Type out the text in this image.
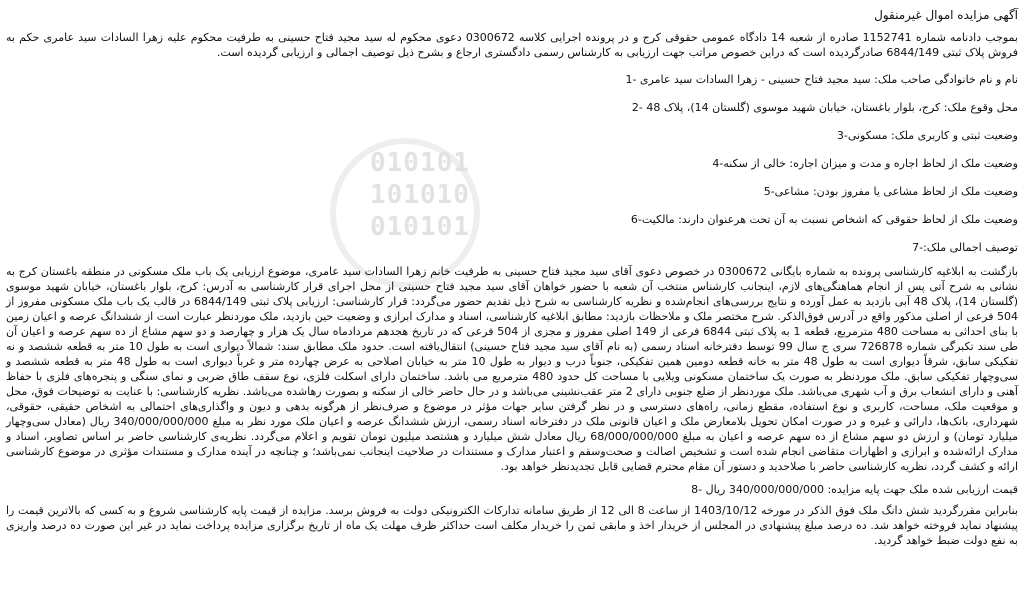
010101
101010
010101
آگهی مزایده اموال غیرمنقول

بموجب دادنامه شماره 1152741 صادره از شعبه 14 دادگاه عمومی حقوقی کرج و در پرونده اجرایی کلاسه 0300672 دعوی محکوم له سید مجید فتاح حسینی به طرفیت محکوم علیه زهرا السادات سید عامری حکم به فروش پلاک ثبتی 6844/149 صادرگردیده است که دراین خصوص مراتب جهت ارزیابی به کارشناس رسمی دادگستری ارجاع و بشرح ذیل توصیف اجمالی و ارزیابی گردیده است.

نام و نام خانوادگی صاحب ملک: سید مجید فتاح حسینی - زهرا السادات سید عامری -1
محل وقوع ملک: کرج، بلوار باغستان، خیابان شهید موسوی (گلستان 14)، پلاک 48 -2
وضعیت ثبتی و کاربری ملک: مسکونی-3
وضعیت ملک از لحاظ اجاره و مدت و میزان اجاره: خالی از سکنه-4
وضعیت ملک از لحاظ مشاعی یا مفروز بودن: مشاعی-5
وضعیت ملک از لحاظ حقوقی که اشخاص نسبت به آن تحت هرعنوان دارند: مالکیت-6
توصیف اجمالی ملک:-7

بازگشت به ابلاغیه کارشناسی پرونده به شماره بایگانی 0300672 در خصوص دعوی آقای سید مجید فتاح حسینی به طرفیت خانم زهرا السادات سید عامری، موضوع ارزیابی یک باب ملک مسکونی در منطقه باغستان کرج به نشانی به شرح آتی پس از انجام هماهنگی‌های لازم، اینجانب کارشناس منتخب آن شعبه با حضور خواهان آقای سید مجید فتاح حسینی از محل اجرای قرار کارشناسی به آدرس: کرج، بلوار باغستان، خیابان شهید موسوی (گلستان 14)، پلاک 48 آبی بازدید به عمل آورده و نتایج بررسی‌های انجام‌شده و نظریه کارشناسی به شرح ذیل تقدیم حضور می‌گردد: قرار کارشناسی: ارزیابی پلاک ثبتی 6844/149 در قالب یک باب ملک مسکونی مفروز از 504 فرعی از اصلی مذکور واقع در آدرس فوق‌الذکر. شرح مختصر ملک و ملاحظات بازدید: مطابق ابلاغیه کارشناسی، اسناد و مدارک ابرازی و وضعیت حین بازدید، ملک موردنظر عبارت است از ششدانگ عرصه و اعیان زمین با بنای احداثی به مساحت 480 مترمربع، قطعه 1 به پلاک ثبتی 6844 فرعی از 149 اصلی مفروز و مجزی از 504 فرعی که در تاریخ هجدهم مردادماه سال یک هزار و چهارصد و دو سهم مشاع از ده سهم عرصه و اعیان آن طی سند تکبرگی شماره 726878 سری ج سال 99 توسط دفترخانه اسناد رسمی (به نام آقای سید مجید فتاح حسینی) انتقال‌یافته است. حدود ملک مطابق سند: شمالاً دیواری است به طول 10 متر به قطعه ششصد و نه تفکیکی سابق، شرقاً دیواری است به طول 48 متر به خانه قطعه دومین همین تفکیکی، جنوباً درب و دیوار به طول 10 متر به خیابان اصلاحی به عرض چهارده متر و غرباً دیواری است به طول 48 متر به قطعه ششصد و سی‌وچهار تفکیکی سابق. ملک موردنظر به صورت یک ساختمان مسکونی ویلایی با مساحت کل حدود 480 مترمربع می باشد. ساختمان دارای اسکلت فلزی، نوع سقف طاق ضربی و نمای سنگی و پنجره‌های فلزی با حفاظ آهنی و دارای انشعاب برق و آب شهری می‌باشد. ملک موردنظر از ضلع جنوبی دارای 2 متر عقب‌نشینی می‌باشد و در حال حاضر خالی از سکنه و بصورت رهاشده می‌باشد. نظریه کارشناسی: با عنایت به توضیحات فوق، محل و موقعیت ملک، مساحت، کاربری و نوع استفاده، مقطع زمانی، راه‌های دسترسی و در نظر گرفتن سایر جهات مؤثر در موضوع و صرف‌نظر از هرگونه بدهی و دیون و واگذاری‌های احتمالی به اشخاص حقیقی، حقوقی، شهرداری، بانک‌ها، دارائی و غیره و در صورت امکان تحویل بلامعارض ملک و اعیان قانونی ملک در دفترخانه اسناد رسمی، ارزش ششدانگ عرصه و اعیان ملک مورد نظر به مبلغ 340/000/000/000 ریال (معادل سی‌وچهار میلیارد تومان) و ارزش دو سهم مشاع از ده سهم عرصه و اعیان به مبلغ 68/000/000/000 ریال معادل شش میلیارد و هشتصد میلیون تومان تقویم و اعلام می‌گردد. نظریه‌ی کارشناسی حاضر بر اساس تصاویر، اسناد و مدارک ارائه‌شده و ابرازی و اظهارات متقاضی انجام شده است و تشخیص اصالت و صحت‌وسقم و اعتبار مدارک و مستندات در صلاحیت اینجانب نمی‌باشد؛ و چنانچه در آینده مدارک و مستندات مؤثری در موضوع کارشناسی ارائه و کشف گردد، نظریه کارشناسی حاضر با صلاحدید و دستور آن مقام محترم قضایی قابل تجدیدنظر خواهد بود.

قیمت ارزیابی شده ملک جهت پایه مزایده: 340/000/000/000 ریال -8

بنابراین مقررگردید شش دانگ ملک فوق الذکر در مورخه 1403/10/12 از ساعت 8 الی 12 از طریق سامانه تدارکات الکترونیکی دولت به فروش برسد. مزایده از قیمت پایه کارشناسی شروع و به کسی که بالاترین قیمت را پیشنهاد نماید فروخته خواهد شد. ده درصد مبلغ پیشنهادی در المجلس از خریدار اخذ و مابقی ثمن را خریدار مکلف است حداکثر ظرف مهلت یک ماه از تاریخ برگزاری مزایده پرداخت نماید در غیر این صورت ده درصد واریزی به نفع دولت ضبط خواهد گردید.
